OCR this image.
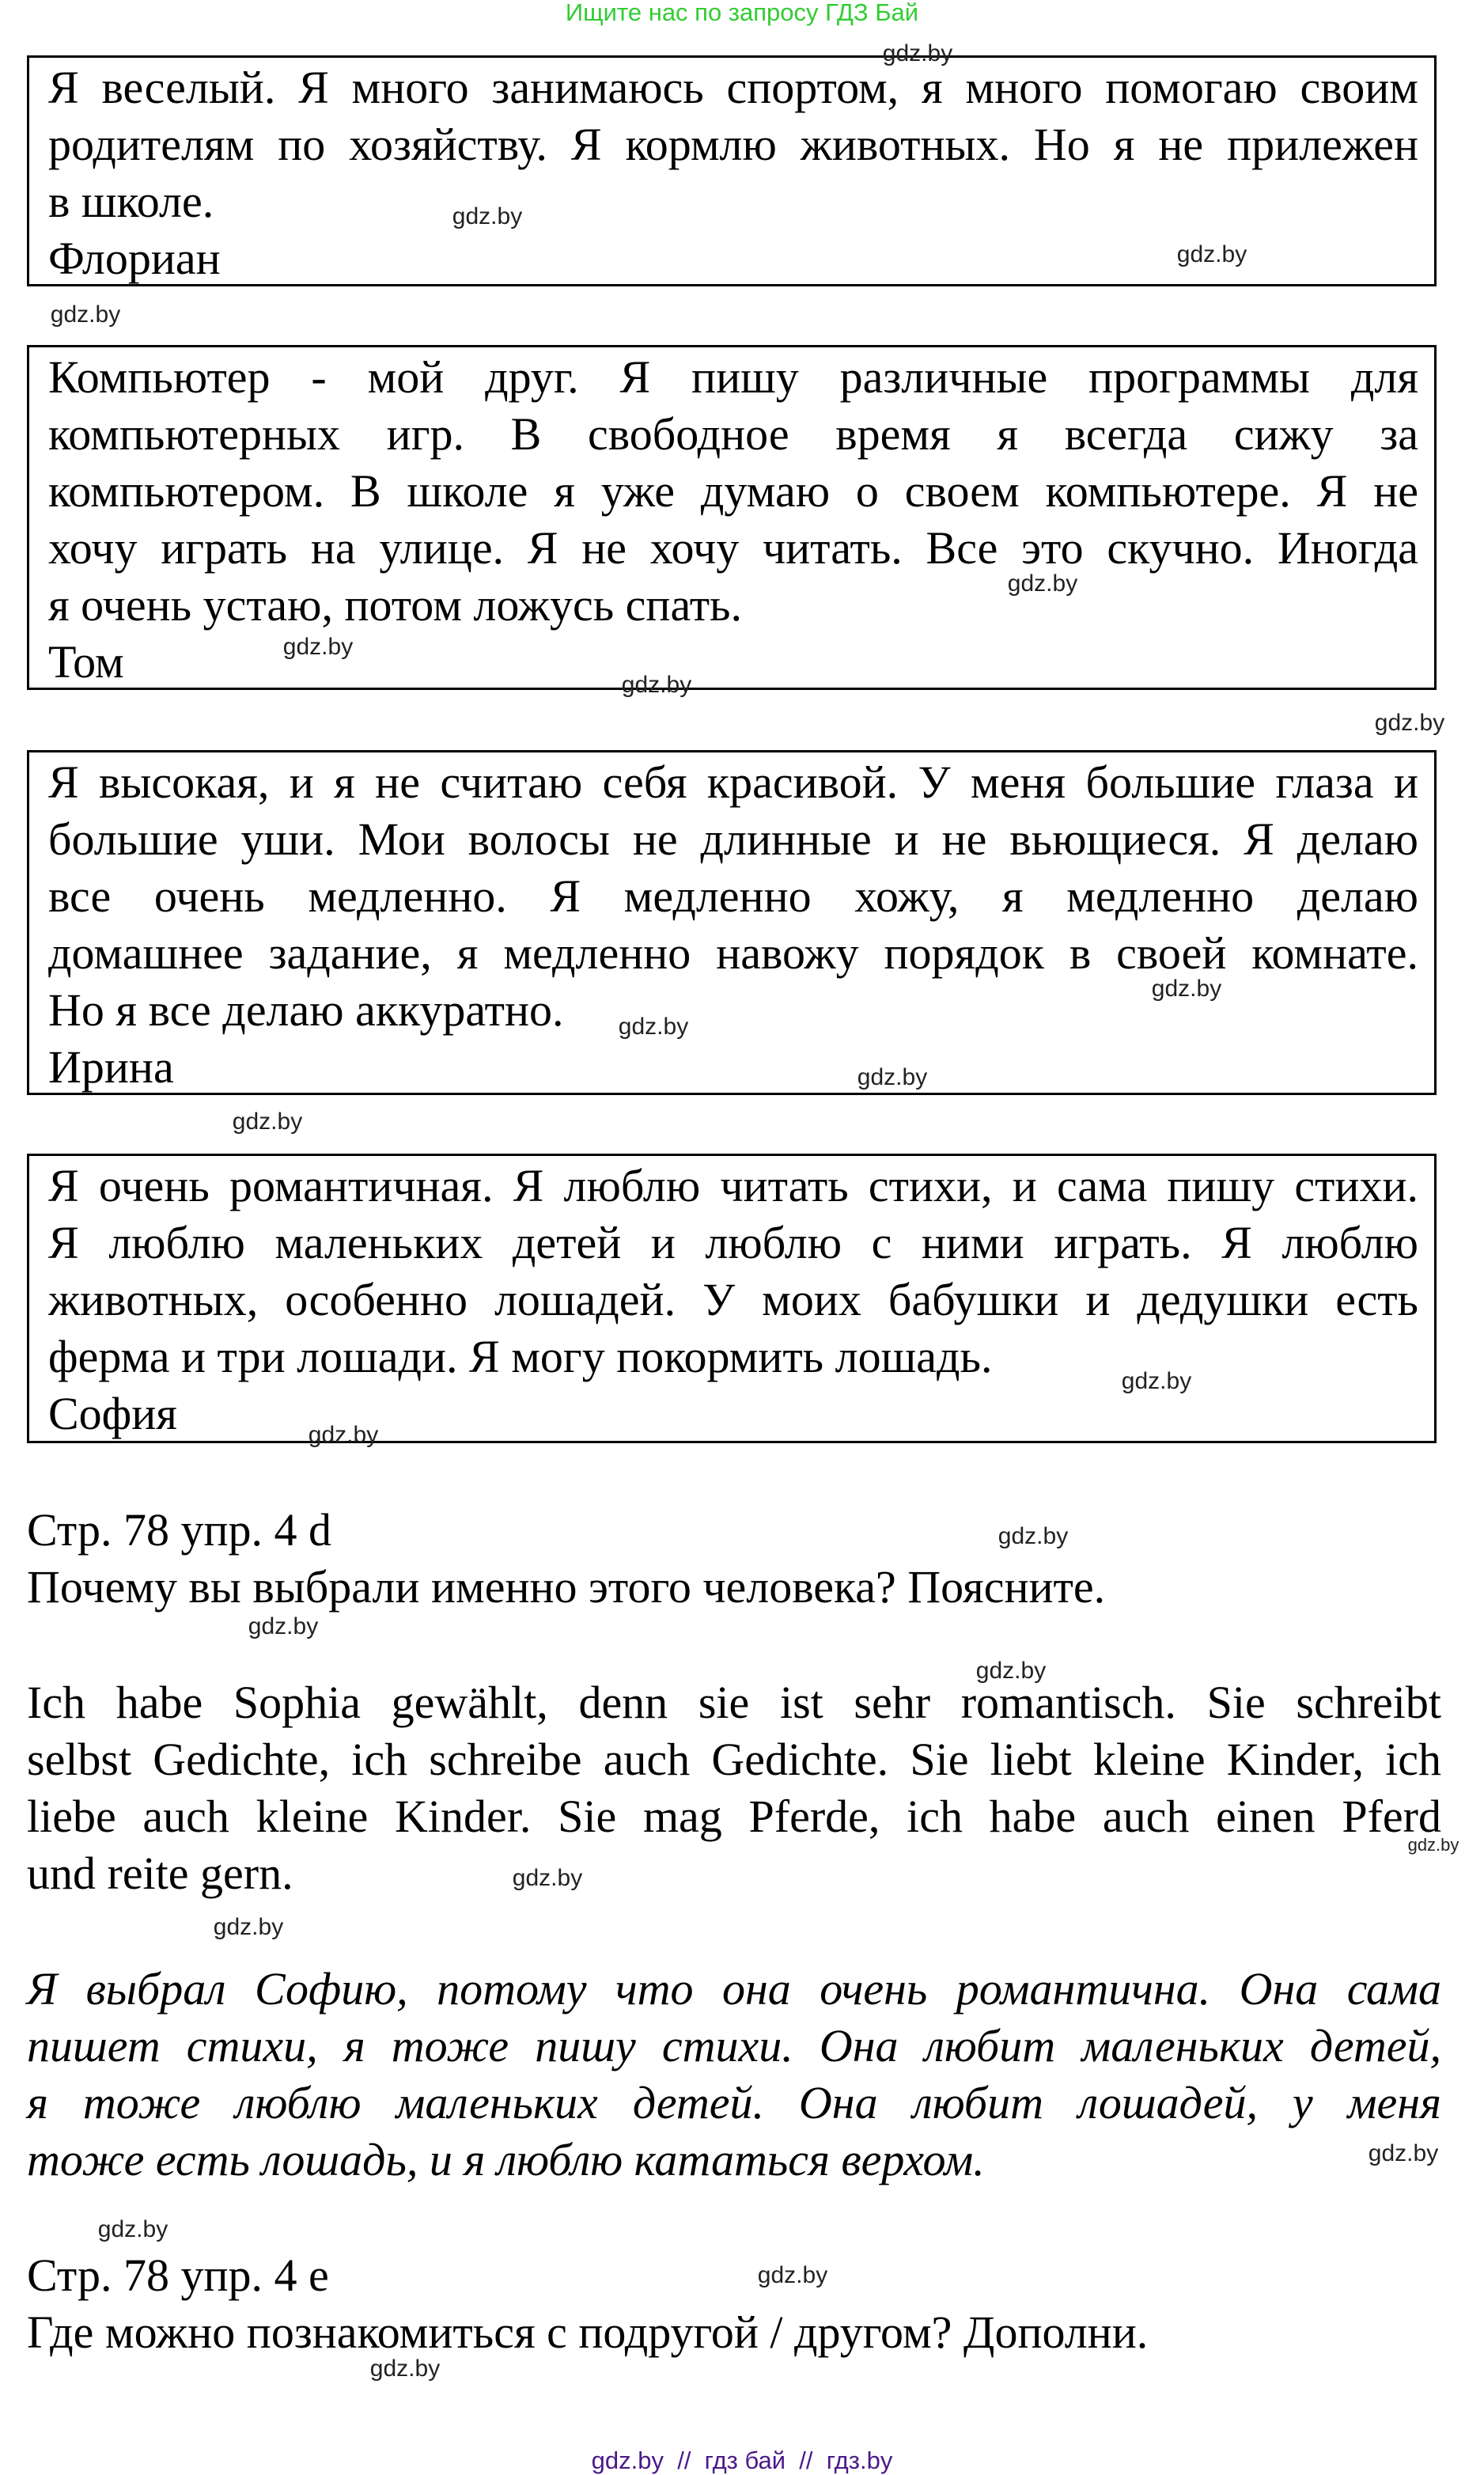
Ищите нас по запросу ГДЗ Бай
Я веселый. Я много занимаюсь спортом, я много помогаю своим
родителям по хозяйству. Я кормлю животных. Но я не прилежен
в школе.
Флориан
Компьютер - мой друг. Я пишу различные программы для
компьютерных игр. В свободное время я всегда сижу за
компьютером. В школе я уже думаю о своем компьютере. Я не
хочу играть на улице. Я не хочу читать. Все это скучно. Иногда
я очень устаю, потом ложусь спать.
Том
Я высокая, и я не считаю себя красивой. У меня большие глаза и
большие уши. Мои волосы не длинные и не вьющиеся. Я делаю
все очень медленно. Я медленно хожу, я медленно делаю
домашнее задание, я медленно навожу порядок в своей комнате.
Но я все делаю аккуратно.
Ирина
Я очень романтичная. Я люблю читать стихи, и сама пишу стихи.
Я люблю маленьких детей и люблю с ними играть. Я люблю
животных, особенно лошадей. У моих бабушки и дедушки есть
ферма и три лошади. Я могу покормить лошадь.
София
Стр. 78 упр. 4 d
Почему вы выбрали именно этого человека? Поясните.
Ich habe Sophia gewählt, denn sie ist sehr romantisch. Sie schreibt
selbst Gedichte, ich schreibe auch Gedichte. Sie liebt kleine Kinder, ich
liebe auch kleine Kinder. Sie mag Pferde, ich habe auch einen Pferd
und reite gern.
Я выбрал Софию, потому что она очень романтична. Она сама
пишет стихи, я тоже пишу стихи. Она любит маленьких детей,
я тоже люблю маленьких детей. Она любит лошадей, у меня
тоже есть лошадь, и я люблю кататься верхом.
Стр. 78 упр. 4 е
Где можно познакомиться с подругой / другом? Дополни.
gdz.by
gdz.by
gdz.by
gdz.by
gdz.by
gdz.by
gdz.by
gdz.by
gdz.by
gdz.by
gdz.by
gdz.by
gdz.by
gdz.by
gdz.by
gdz.by
gdz.by
gdz.by
gdz.by
gdz.by
gdz.by
gdz.by
gdz.by
gdz.by
gdz.by  //  гдз бай  //  гдз.by
